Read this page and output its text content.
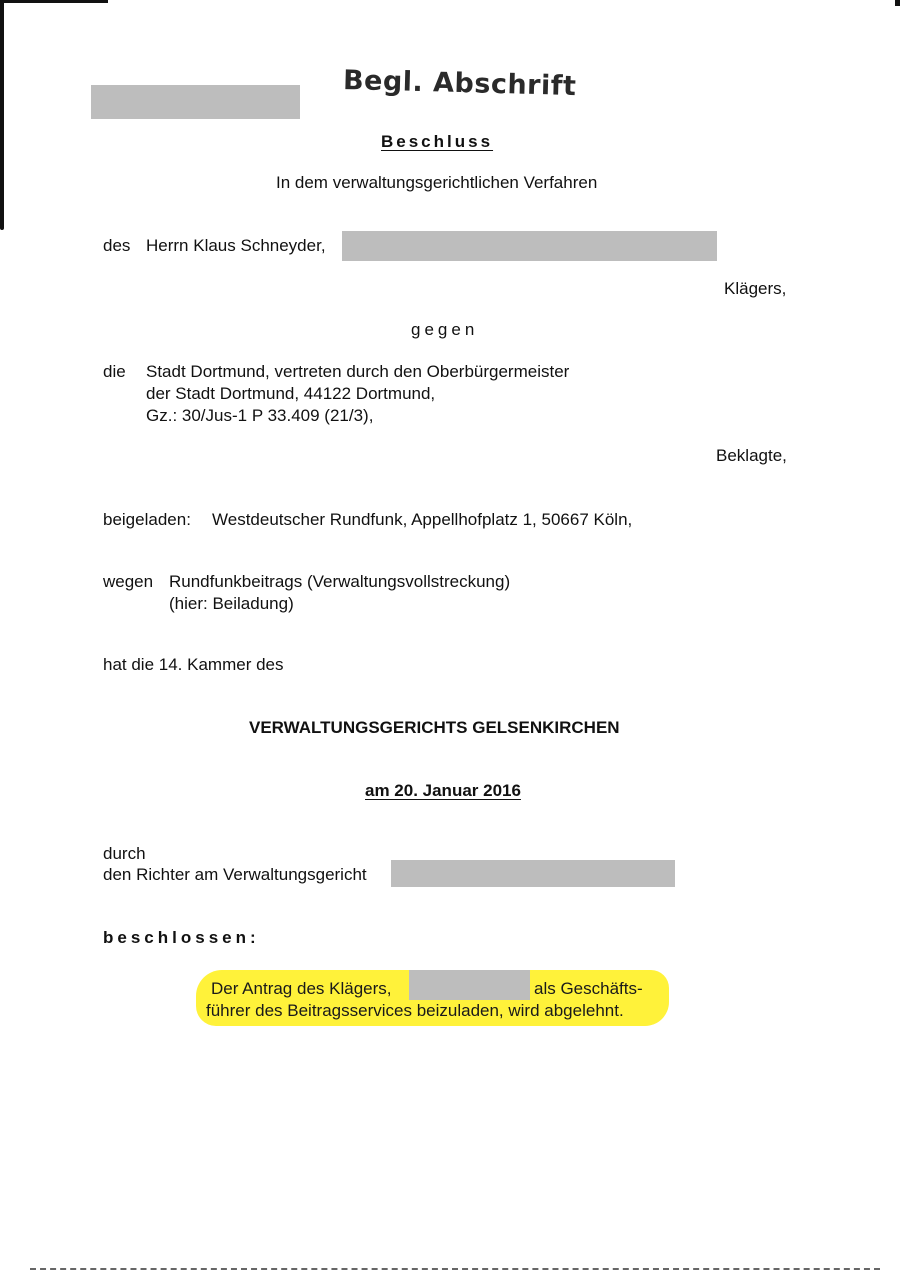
Begl. Abschrift
Beschluss
In dem verwaltungsgerichtlichen Verfahren
des Herrn Klaus Schneyder,
Klägers,
gegen
die Stadt Dortmund, vertreten durch den Oberbürgermeister
der Stadt Dortmund, 44122 Dortmund,
Gz.: 30/Jus-1 P 33.409 (21/3),
Beklagte,
beigeladen: Westdeutscher Rundfunk, Appellhofplatz 1, 50667 Köln,
wegen Rundfunkbeitrags (Verwaltungsvollstreckung)
(hier: Beiladung)
hat die 14. Kammer des
VERWALTUNGSGERICHTS GELSENKIRCHEN
am 20. Januar 2016
durch
den Richter am Verwaltungsgericht
beschlossen:
Der Antrag des Klägers,	als Geschäfts-
führer des Beitragsservices beizuladen, wird abgelehnt.
